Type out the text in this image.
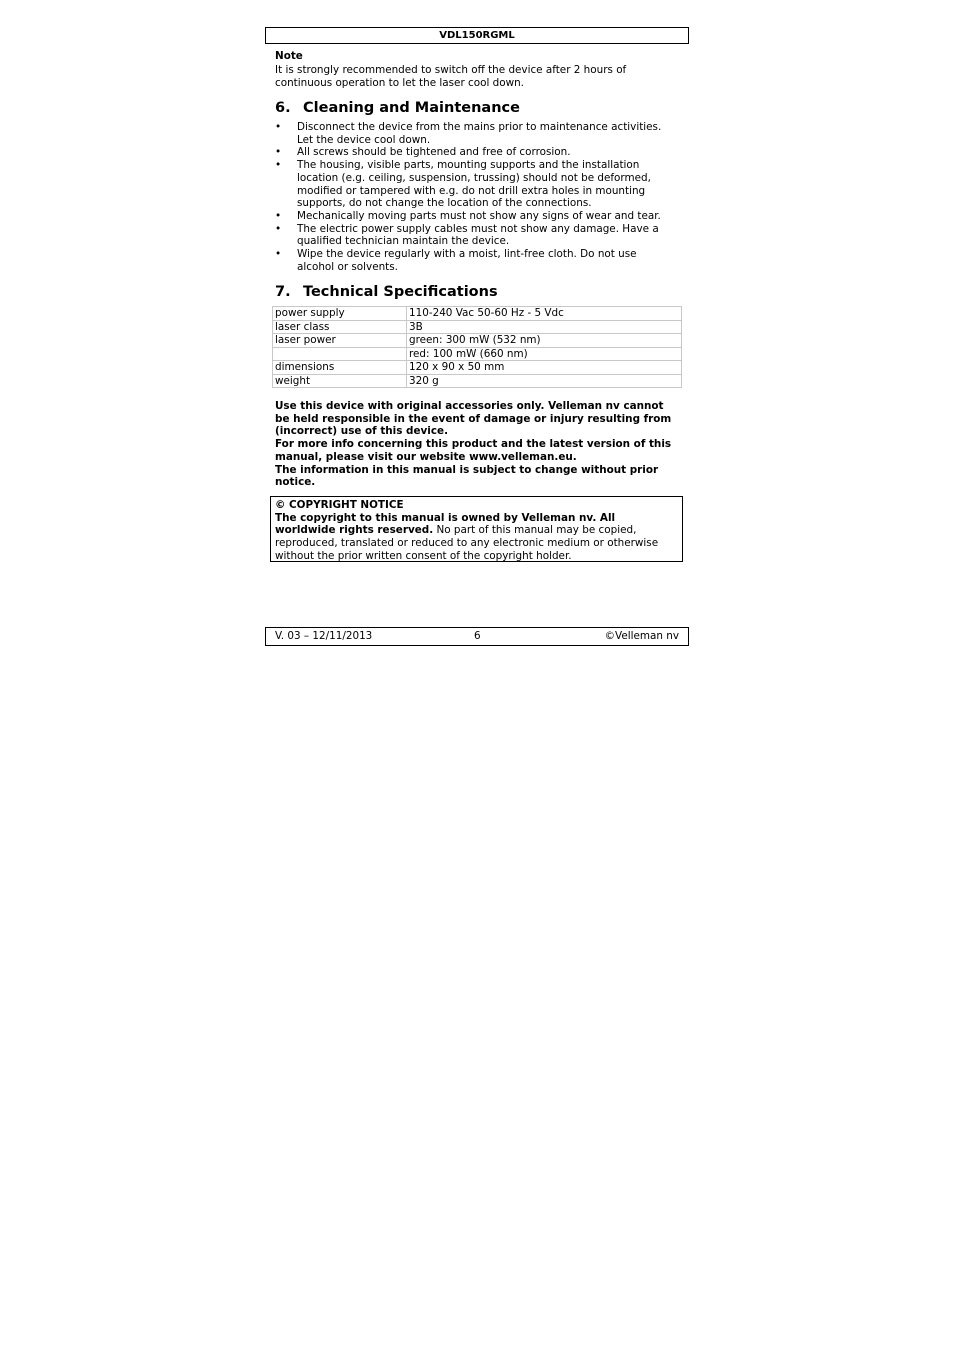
VDL150RGML
Note
It is strongly recommended to switch off the device after 2 hours of continuous operation to let the laser cool down.
6. Cleaning and Maintenance
•	Disconnect the device from the mains prior to maintenance activities. Let the device cool down.
•	All screws should be tightened and free of corrosion.
•	The housing, visible parts, mounting supports and the installation location (e.g. ceiling, suspension, trussing) should not be deformed, modified or tampered with e.g. do not drill extra holes in mounting supports, do not change the location of the connections.
•	Mechanically moving parts must not show any signs of wear and tear.
•	The electric power supply cables must not show any damage. Have a qualified technician maintain the device.
•	Wipe the device regularly with a moist, lint-free cloth. Do not use alcohol or solvents.
7. Technical Specifications
power supply	110-240 Vac 50-60 Hz - 5 Vdc
laser class	3B
laser power	green: 300 mW (532 nm)
	red: 100 mW (660 nm)
dimensions	120 x 90 x 50 mm
weight	320 g

Use this device with original accessories only. Velleman nv cannot be held responsible in the event of damage or injury resulting from (incorrect) use of this device.

For more info concerning this product and the latest version of this manual, please visit our website www.velleman.eu.

The information in this manual is subject to change without prior notice.

© COPYRIGHT NOTICE

The copyright to this manual is owned by Velleman nv. All worldwide rights reserved. No part of this manual may be copied, reproduced, translated or reduced to any electronic medium or otherwise without the prior written consent of the copyright holder.

V. 03 – 12/11/2013	6	©Velleman nv
